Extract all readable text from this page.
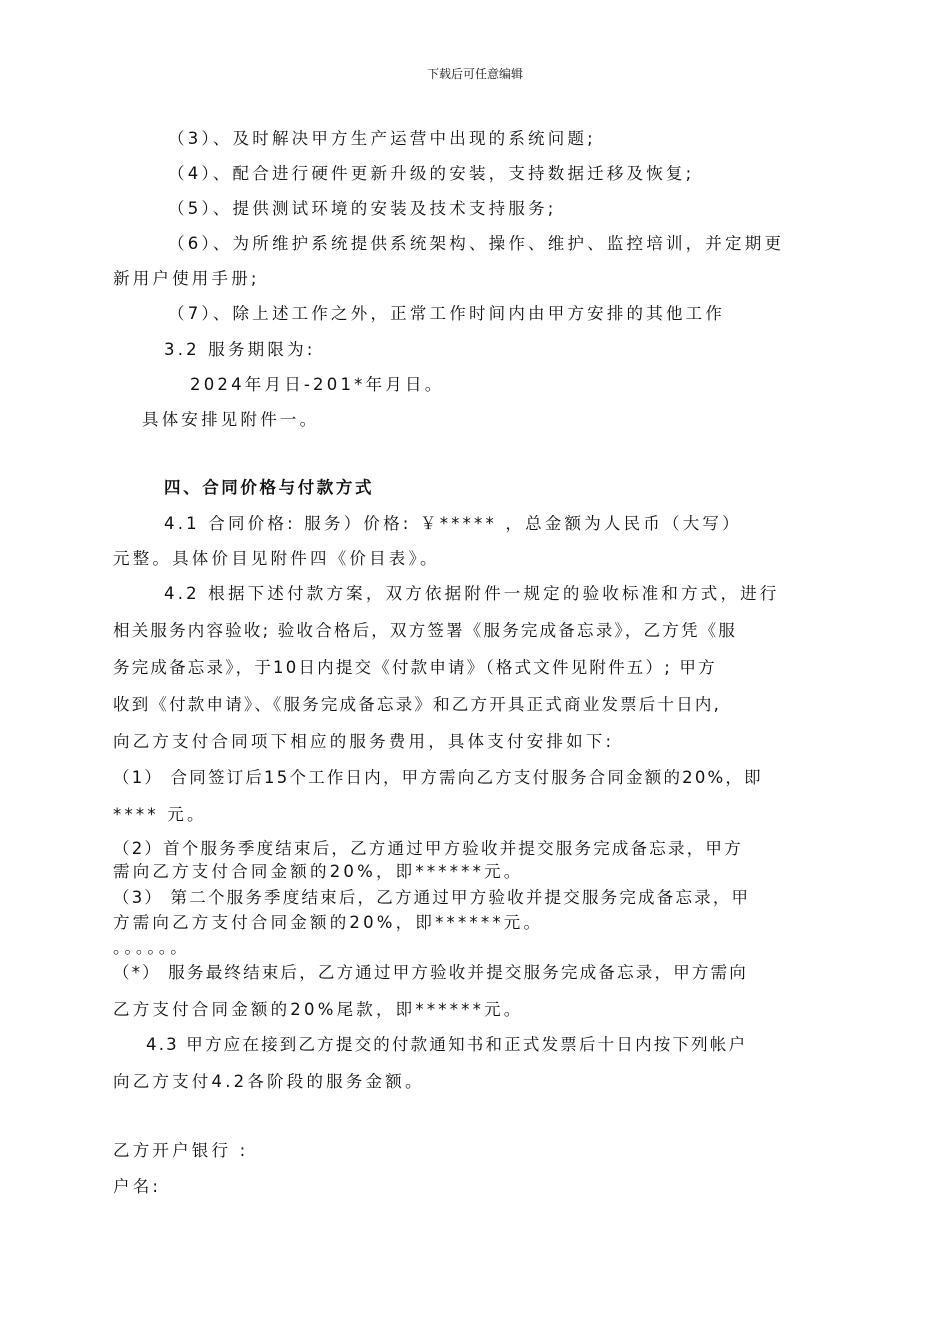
下载后可任意编辑
（3）、及时解决甲方生产运营中出现的系统问题;
（4）、配合进行硬件更新升级的安装，支持数据迁移及恢复;
（5）、提供测试环境的安装及技术支持服务;
（6）、为所维护系统提供系统架构、操作、维护、监控培训，并定期更
新用户使用手册;
（7）、除上述工作之外，正常工作时间内由甲方安排的其他工作
3.2 服务期限为:
2024年月日-201*年月日。
具体安排见附件一。
四、合同价格与付款方式
4.1 合同价格: 服务）价格: ￥***** ，总金额为人民币（大写）
元整。具体价目见附件四《价目表》。
4.2 根据下述付款方案，双方依据附件一规定的验收标准和方式，进行
相关服务内容验收; 验收合格后，双方签署《服务完成备忘录》，乙方凭《服
务完成备忘录》，于10日内提交《付款申请》（格式文件见附件五）; 甲方
收到《付款申请》、《服务完成备忘录》和乙方开具正式商业发票后十日内,
向乙方支付合同项下相应的服务费用，具体支付安排如下:
（1） 合同签订后15个工作日内，甲方需向乙方支付服务合同金额的20%，即
**** 元。
（2）首个服务季度结束后，乙方通过甲方验收并提交服务完成备忘录，甲方
需向乙方支付合同金额的20%，即******元。
（3） 第二个服务季度结束后，乙方通过甲方验收并提交服务完成备忘录，甲
方需向乙方支付合同金额的20%，即******元。
。。。。。。
（*） 服务最终结束后，乙方通过甲方验收并提交服务完成备忘录，甲方需向
乙方支付合同金额的20%尾款，即******元。
4.3 甲方应在接到乙方提交的付款通知书和正式发票后十日内按下列帐户
向乙方支付4.2各阶段的服务金额。
乙方开户银行 :
户名:
